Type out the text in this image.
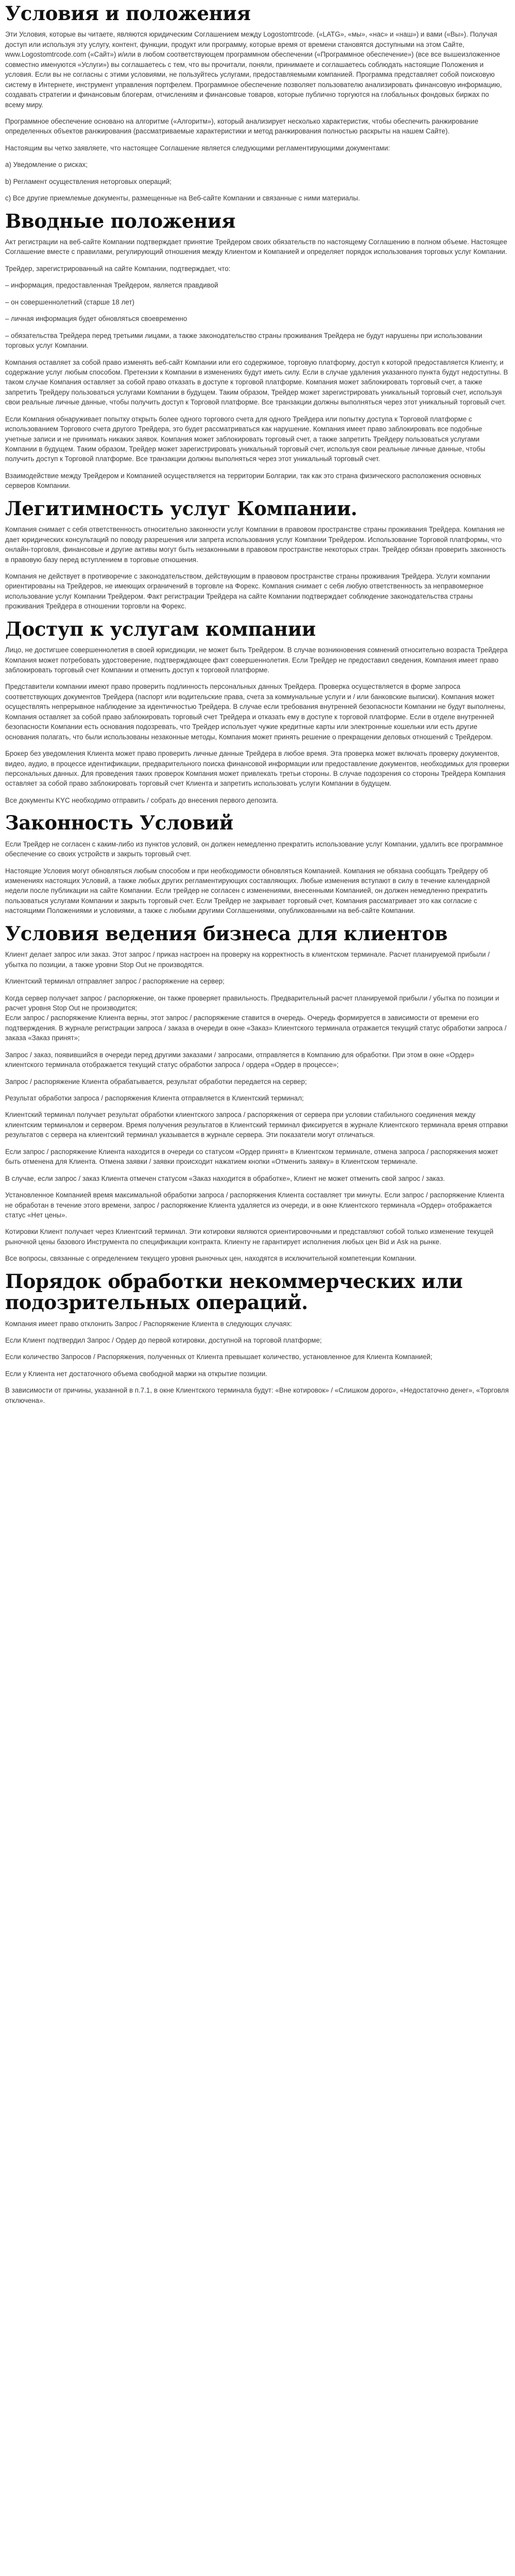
Условия и положения

Эти Условия, которые вы читаете, являются юридическим Соглашением между Logostomtrcode. («LATG», «мы», «нас» и «наш») и вами («Вы»). Получая доступ или используя эту услугу, контент, функции, продукт или программу, которые время от времени становятся доступными на этом Сайте, www.Logostomtrcode.com («Сайт») и/или в любом соответствующем программном обеспечении («Программное обеспечение») (все все вышеизложенное совместно именуются «Услуги») вы соглашаетесь с тем, что вы прочитали, поняли, принимаете и соглашаетесь соблюдать настоящие Положения и условия. Если вы не согласны с этими условиями, не пользуйтесь услугами, предоставляемыми компанией. Программа представляет собой поисковую систему в Интернете, инструмент управления портфелем. Программное обеспечение позволяет пользователю анализировать финансовую информацию, создавать стратегии и финансовым блогерам, отчислениям и финансовые товаров, которые публично торгуются на глобальных фондовых биржах по всему миру.

Программное обеспечение основано на алгоритме («Алгоритм»), который анализирует несколько характеристик, чтобы обеспечить ранжирование определенных объектов ранжирования (рассматриваемые характеристики и метод ранжирования полностью раскрыты на нашем Сайте).

Настоящим вы четко заявляете, что настоящее Соглашение является следующими регламентирующими документами:

a) Уведомление о рисках;

b) Регламент осуществления неторговых операций;

c) Все другие приемлемые документы, размещенные на Веб-сайте Компании и связанные с ними материалы.

Вводные положения

Акт регистрации на веб-сайте Компании подтверждает принятие Трейдером своих обязательств по настоящему Соглашению в полном объеме. Настоящее Соглашение вместе с правилами, регулирующий отношения между Клиентом и Компанией и определяет порядок использования торговых услуг Компании.

Трейдер, зарегистрированный на сайте Компании, подтверждает, что:

– информация, предоставленная Трейдером, является правдивой

– он совершеннолетний (старше 18 лет)

– личная информация будет обновляться своевременно

– обязательства Трейдера перед третьими лицами, а также законодательство страны проживания Трейдера не будут нарушены при использовании торговых услуг Компании.

Компания оставляет за собой право изменять веб-сайт Компании или его содержимое, торговую платформу, доступ к которой предоставляется Клиенту, и содержание услуг любым способом. Претензии к Компании в изменениях будут иметь силу. Если в случае удаления указанного пункта будут недоступны. В таком случае Компания оставляет за собой право отказать в доступе к торговой платформе. Компания может заблокировать торговый счет, а также запретить Трейдеру пользоваться услугами Компании в будущем. Таким образом, Трейдер может зарегистрировать уникальный торговый счет, используя свои реальные личные данные, чтобы получить доступ к Торговой платформе. Все транзакции должны выполняться через этот уникальный торговый счет.

Если Компания обнаруживает попытку открыть более одного торгового счета для одного Трейдера или попытку доступа к Торговой платформе с использованием Торгового счета другого Трейдера, это будет рассматриваться как нарушение. Компания имеет право заблокировать все подобные учетные записи и не принимать никаких заявок. Компания может заблокировать торговый счет, а также запретить Трейдеру пользоваться услугами Компании в будущем. Таким образом, Трейдер может зарегистрировать уникальный торговый счет, используя свои реальные личные данные, чтобы получить доступ к Торговой платформе. Все транзакции должны выполняться через этот уникальный торговый счет.

Взаимодействие между Трейдером и Компанией осуществляется на территории Болгарии, так как это страна физического расположения основных серверов Компании.

Легитимность услуг Компании.

Компания снимает с себя ответственность относительно законности услуг Компании в правовом пространстве страны проживания Трейдера. Компания не дает юридических консультаций по поводу разрешения или запрета использования услуг Компании Трейдером. Использование Торговой платформы, что онлайн-торговля, финансовые и другие активы могут быть незаконными в правовом пространстве некоторых стран. Трейдер обязан проверить законность в правовую базу перед вступлением в торговые отношения.

Компания не действует в противоречие с законодательством, действующим в правовом пространстве страны проживания Трейдера. Услуги компании ориентированы на Трейдеров, не имеющих ограничений в торговле на Форекс. Компания снимает с себя любую ответственность за неправомерное использование услуг Компании Трейдером. Факт регистрации Трейдера на сайте Компании подтверждает соблюдение законодательства страны проживания Трейдера в отношении торговли на Форекс.

Доступ к услугам компании

Лицо, не достигшее совершеннолетия в своей юрисдикции, не может быть Трейдером. В случае возникновения сомнений относительно возраста Трейдера Компания может потребовать удостоверение, подтверждающее факт совершеннолетия. Если Трейдер не предоставил сведения, Компания имеет право заблокировать торговый счет Компании и отменить доступ к торговой платформе.

Представители компании имеют право проверить подлинность персональных данных Трейдера. Проверка осуществляется в форме запроса соответствующих документов Трейдера (паспорт или водительские права, счета за коммунальные услуги и / или банковские выписки). Компания может осуществлять непрерывное наблюдение за идентичностью Трейдера. В случае если требования внутренней безопасности Компании не будут выполнены, Компания оставляет за собой право заблокировать торговый счет Трейдера и отказать ему в доступе к торговой платформе. Если в отделе внутренней безопасности Компании есть основания подозревать, что Трейдер использует чужие кредитные карты или электронные кошельки или есть другие основания полагать, что были использованы незаконные методы, Компания может принять решение о прекращении деловых отношений с Трейдером.

Брокер без уведомления Клиента может право проверить личные данные Трейдера в любое время. Эта проверка может включать проверку документов, видео, аудио, в процессе идентификации, предварительного поиска финансовой информации или предоставление документов, необходимых для проверки персональных данных. Для проведения таких проверок Компания может привлекать третьи стороны. В случае подозрения со стороны Трейдера Компания оставляет за собой право заблокировать торговый счет Клиента и запретить использовать услуги Компании в будущем.

Все документы KYC необходимо отправить / собрать до внесения первого депозита.

Законность Условий

Если Трейдер не согласен с каким-либо из пунктов условий, он должен немедленно прекратить использование услуг Компании, удалить все программное обеспечение со своих устройств и закрыть торговый счет.

Настоящие Условия могут обновляться любым способом и при необходимости обновляться Компанией. Компания не обязана сообщать Трейдеру об изменениях настоящих Условий, а также любых других регламентирующих составляющих. Любые изменения вступают в силу в течение календарной недели после публикации на сайте Компании. Если трейдер не согласен с изменениями, внесенными Компанией, он должен немедленно прекратить пользоваться услугами Компании и закрыть торговый счет. Если Трейдер не закрывает торговый счет, Компания рассматривает это как согласие с настоящими Положениями и условиями, а также с любыми другими Соглашениями, опубликованными на веб-сайте Компании.

Условия ведения бизнеса для клиентов

Клиент делает запрос или заказ. Этот запрос / приказ настроен на проверку на корректность в клиентском терминале. Расчет планируемой прибыли / убытка по позиции, а также уровни Stop Out не производятся.

Клиентский терминал отправляет запрос / распоряжение на сервер;

Когда сервер получает запрос / распоряжение, он также проверяет правильность. Предварительный расчет планируемой прибыли / убытка по позиции и расчет уровня Stop Out не производится;
Если запрос / распоряжение Клиента верны, этот запрос / распоряжение ставится в очередь. Очередь формируется в зависимости от времени его подтверждения. В журнале регистрации запроса / заказа в очереди в окне «Заказ» Клиентского терминала отражается текущий статус обработки запроса / заказа «Заказ принят»;

Запрос / заказ, появившийся в очереди перед другими заказами / запросами, отправляется в Компанию для обработки. При этом в окне «Ордер» клиентского терминала отображается текущий статус обработки запроса / ордера «Ордер в процессе»;

Запрос / распоряжение Клиента обрабатывается, результат обработки передается на сервер;

Результат обработки запроса / распоряжения Клиента отправляется в Клиентский терминал;

Клиентский терминал получает результат обработки клиентского запроса / распоряжения от сервера при условии стабильного соединения между клиентским терминалом и сервером. Время получения результатов в Клиентский терминал фиксируется в журнале Клиентского терминала время отправки результатов с сервера на клиентский терминал указывается в журнале сервера. Эти показатели могут отличаться.

Если запрос / распоряжение Клиента находится в очереди со статусом «Ордер принят» в Клиентском терминале, отмена запроса / распоряжения может быть отменена для Клиента. Отмена заявки / заявки происходит нажатием кнопки «Отменить заявку» в Клиентском терминале.

В случае, если запрос / заказ Клиента отмечен статусом «Заказ находится в обработке», Клиент не может отменить свой запрос / заказ.

Установленное Компанией время максимальной обработки запроса / распоряжения Клиента составляет три минуты. Если запрос / распоряжение Клиента не обработан в течение этого времени, запрос / распоряжение Клиента удаляется из очереди, и в окне Клиентского терминала «Ордер» отображается статус «Нет цены».

Котировки Клиент получает через Клиентский терминал. Эти котировки являются ориентировочными и представляют собой только изменение текущей рыночной цены базового Инструмента по спецификации контракта. Клиенту не гарантирует исполнения любых цен Bid и Ask на рынке.

Все вопросы, связанные с определением текущего уровня рыночных цен, находятся в исключительной компетенции Компании.

Порядок обработки некоммерческих или подозрительных операций.

Компания имеет право отклонить Запрос / Распоряжение Клиента в следующих случаях:

Если Клиент подтвердил Запрос / Ордер до первой котировки, доступной на торговой платформе;

Если количество Запросов / Распоряжения, полученных от Клиента превышает количество, установленное для Клиента Компанией;

Если у Клиента нет достаточного объема свободной маржи на открытие позиции.

В зависимости от причины, указанной в п.7.1, в окне Клиентского терминала будут: «Вне котировок» / «Слишком дорого», «Недостаточно денег», «Торговля отключена».
